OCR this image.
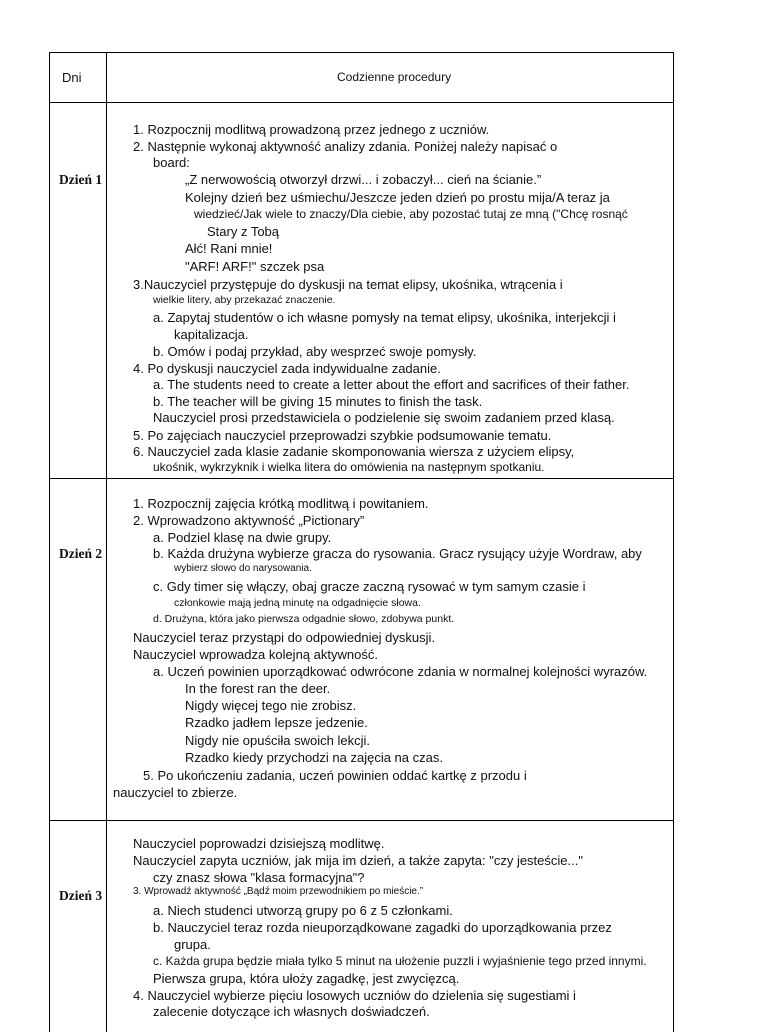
Dni	Codzienne procedury
Dzień 1
Dzień 2
Dzień 3
1. Rozpocznij modlitwą prowadzoną przez jednego z uczniów.
2. Następnie wykonaj aktywność analizy zdania. Poniżej należy napisać o
board:
„Z nerwowością otworzył drzwi... i zobaczył... cień na ścianie.”
Kolejny dzień bez uśmiechu/Jeszcze jeden dzień po prostu mija/A teraz ja
wiedzieć/Jak wiele to znaczy/Dla ciebie, aby pozostać tutaj ze mną ("Chcę rosnąć
Stary z Tobą
Ałć! Rani mnie!
"ARF! ARF!" szczek psa
3.Nauczyciel przystępuje do dyskusji na temat elipsy, ukośnika, wtrącenia i
wielkie litery, aby przekazać znaczenie.
a. Zapytaj studentów o ich własne pomysły na temat elipsy, ukośnika, interjekcji i
kapitalizacja.
b. Omów i podaj przykład, aby wesprzeć swoje pomysły.
4. Po dyskusji nauczyciel zada indywidualne zadanie.
a. The students need to create a letter about the effort and sacrifices of their father.
b. The teacher will be giving 15 minutes to finish the task.
Nauczyciel prosi przedstawiciela o podzielenie się swoim zadaniem przed klasą.
5. Po zajęciach nauczyciel przeprowadzi szybkie podsumowanie tematu.
6. Nauczyciel zada klasie zadanie skomponowania wiersza z użyciem elipsy,
ukośnik, wykrzyknik i wielka litera do omówienia na następnym spotkaniu.
1. Rozpocznij zajęcia krótką modlitwą i powitaniem.
2. Wprowadzono aktywność „Pictionary”
a. Podziel klasę na dwie grupy.
b. Każda drużyna wybierze gracza do rysowania. Gracz rysujący użyje Wordraw, aby
wybierz słowo do narysowania.
c. Gdy timer się włączy, obaj gracze zaczną rysować w tym samym czasie i
członkowie mają jedną minutę na odgadnięcie słowa.
d. Drużyna, która jako pierwsza odgadnie słowo, zdobywa punkt.
Nauczyciel teraz przystąpi do odpowiedniej dyskusji.
Nauczyciel wprowadza kolejną aktywność.
a. Uczeń powinien uporządkować odwrócone zdania w normalnej kolejności wyrazów.
In the forest ran the deer.
Nigdy więcej tego nie zrobisz.
Rzadko jadłem lepsze jedzenie.
Nigdy nie opuściła swoich lekcji.
Rzadko kiedy przychodzi na zajęcia na czas.
5. Po ukończeniu zadania, uczeń powinien oddać kartkę z przodu i
nauczyciel to zbierze.
Nauczyciel poprowadzi dzisiejszą modlitwę.
Nauczyciel zapyta uczniów, jak mija im dzień, a także zapyta: "czy jesteście..."
czy znasz słowa "klasa formacyjna"?
3. Wprowadź aktywność „Bądź moim przewodnikiem po mieście.”
a. Niech studenci utworzą grupy po 6 z 5 członkami.
b. Nauczyciel teraz rozda nieuporządkowane zagadki do uporządkowania przez
grupa.
c. Każda grupa będzie miała tylko 5 minut na ułożenie puzzli i wyjaśnienie tego przed innymi.
Pierwsza grupa, która ułoży zagadkę, jest zwycięzcą.
4. Nauczyciel wybierze pięciu losowych uczniów do dzielenia się sugestiami i
zalecenie dotyczące ich własnych doświadczeń.
